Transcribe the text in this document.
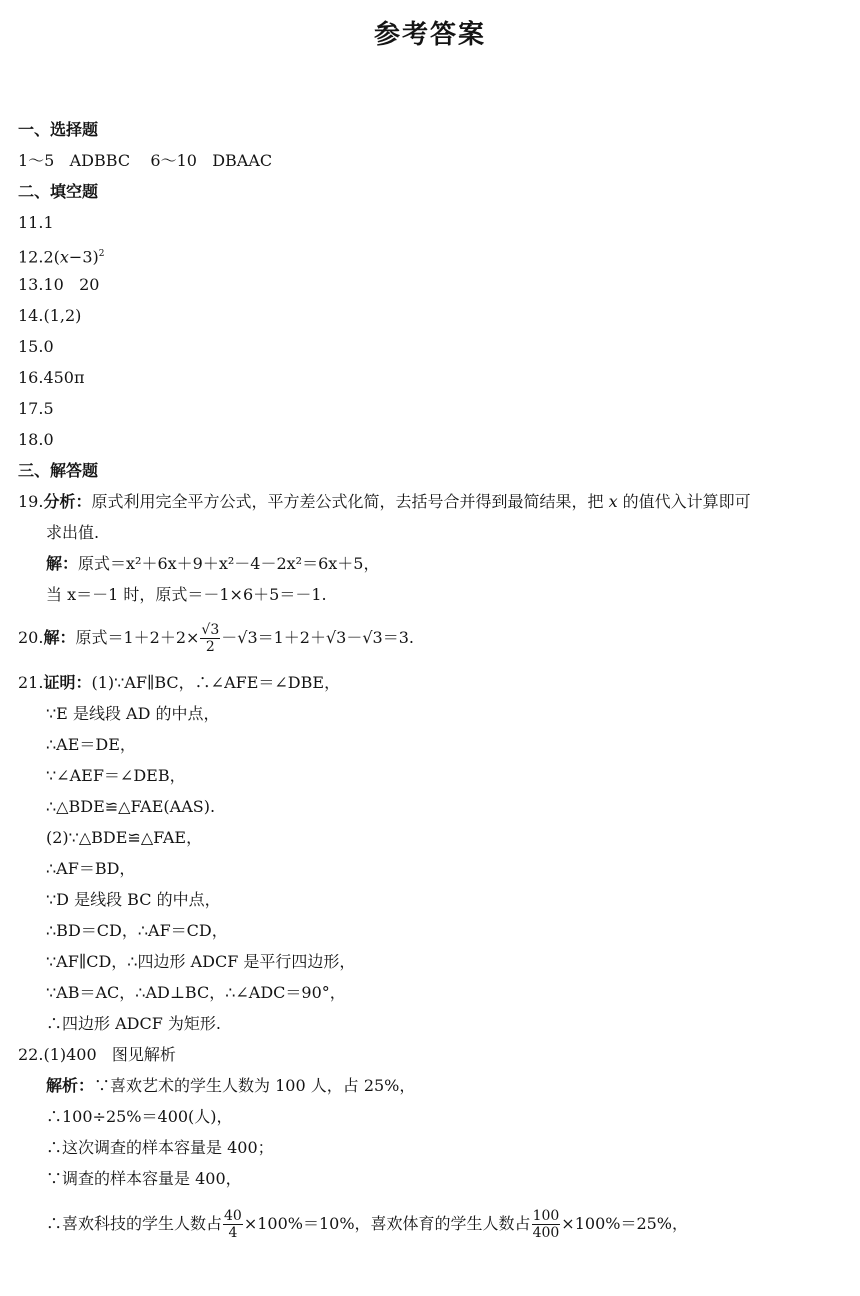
参考答案
一、选择题
1～5   ADBBC    6～10   DBAAC
二、填空题
11.1
$12.2(x-3)^2$
13.10   20
14.(1,2)
15.0
16.450π
17.5
18.0
三、解答题
19.分析：原式利用完全平方公式，平方差公式化简，去括号合并得到最简结果，把 x 的值代入计算即可
求出值.
解：原式＝x²＋6x＋9＋x²－4－2x²＝6x＋5，
当 x＝－1 时，原式＝－1×6＋5＝－1.
20.解：原式$=1+2+2\times \frac{√3}{2} -√3=1+2+√3-√3=3$.
21.证明：(1)∵AF∥BC，∴∠AFE＝∠DBE，
∵E 是线段 AD 的中点，
∴AE＝DE，
∵∠AEF＝∠DEB，
∴△BDE≌△FAE(AAS).
(2)∵△BDE≌△FAE，
∴AF＝BD，
∵D 是线段 BC 的中点，
∴BD＝CD，∴AF＝CD，
∵AF∥CD，∴四边形 ADCF 是平行四边形，
∵AB＝AC，∴AD⊥BC，∴∠ADC＝90°，
∴四边形 ADCF 为矩形.
22.(1)400   图见解析
解析：∵喜欢艺术的学生人数为 100 人，占 25%，
∴100÷25%＝400(人)，
∴这次调查的样本容量是 400；
∵调查的样本容量是 400，
∴喜欢科技的学生人数占 $\frac{40}{4} \times 100\%=10\%$，喜欢体育的学生人数占 $\frac{100}{400} \times 100\%=25\%$，
